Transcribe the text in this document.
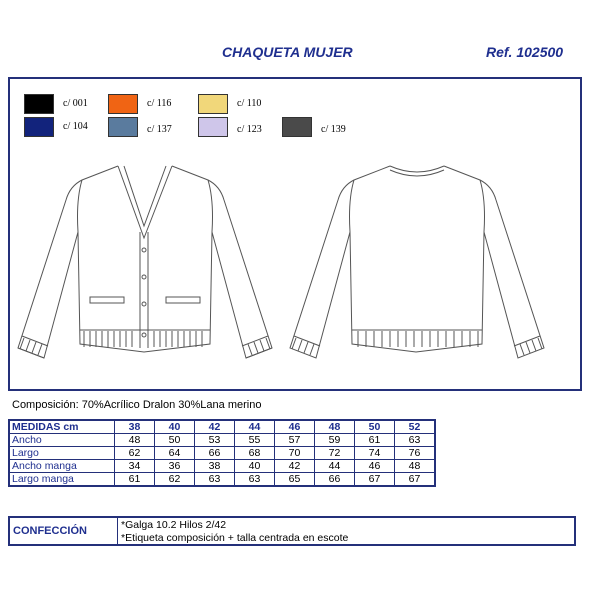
CHAQUETA MUJER	Ref. 102500
c/ 001	c/ 116	c/ 110
c/ 104	c/ 137	c/ 123	c/ 139
Composición: 70%Acrílico Dralon 30%Lana merino
MEDIDAS cm	38	40	42	44	46	48	50	52
Ancho	48	50	53	55	57	59	61	63
Largo	62	64	66	68	70	72	74	76
Ancho manga	34	36	38	40	42	44	46	48
Largo manga	61	62	63	63	65	66	67	67
CONFECCIÓN	*Galga 10.2 Hilos 2/42
*Etiqueta composición + talla centrada en escote
